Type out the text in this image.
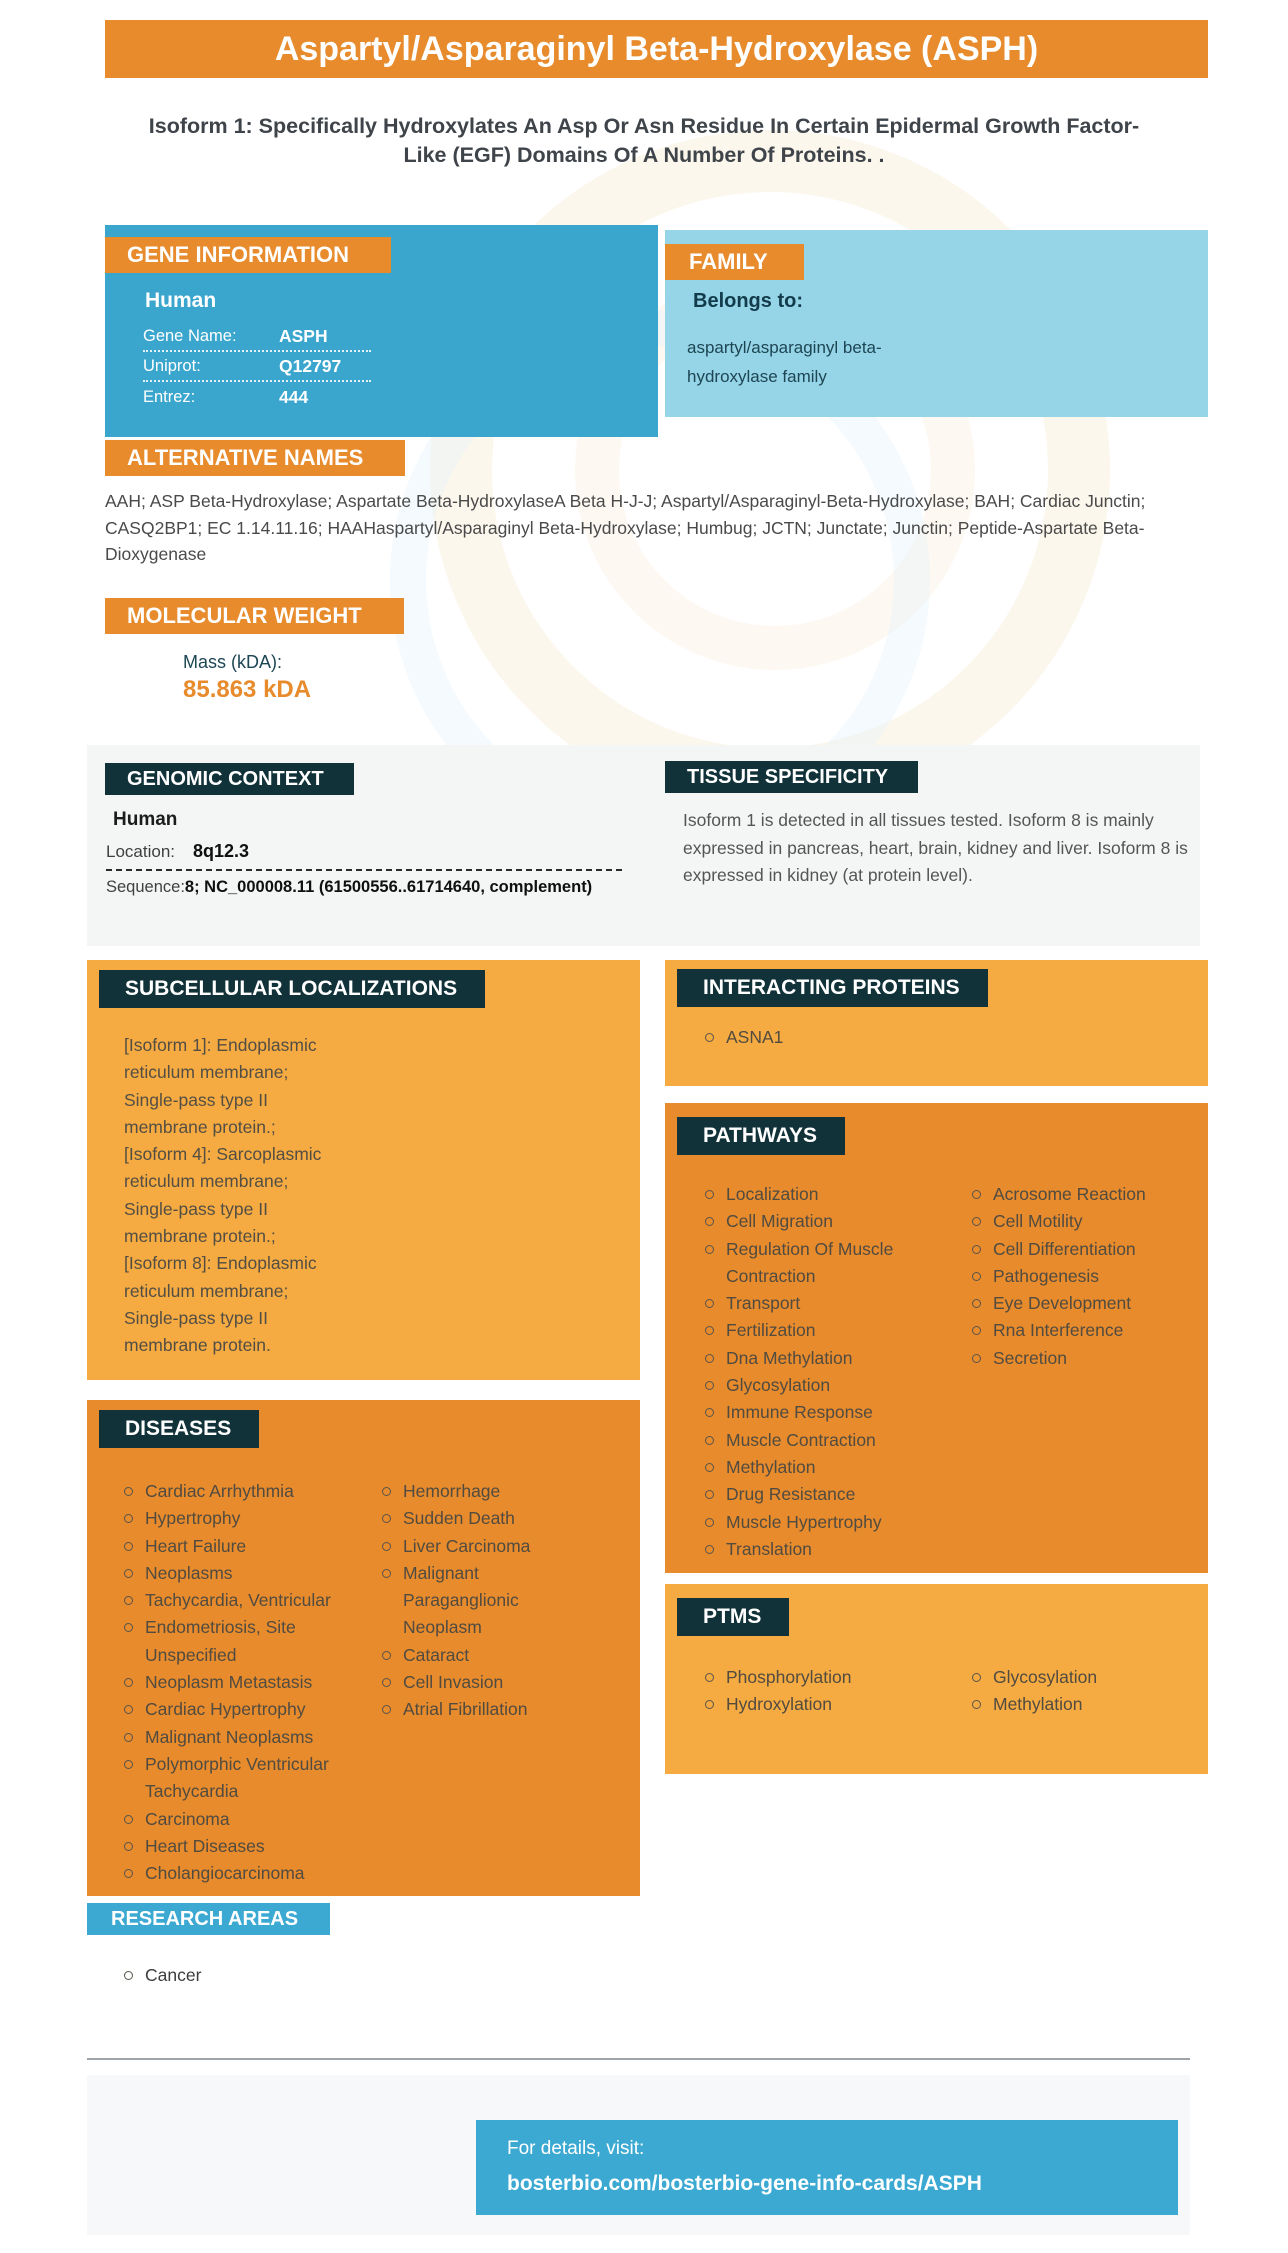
Aspartyl/Asparaginyl Beta-Hydroxylase (ASPH)
Isoform 1: Specifically Hydroxylates An Asp Or Asn Residue In Certain Epidermal Growth Factor-Like (EGF) Domains Of A Number Of Proteins. .
GENE INFORMATION
Human
Gene Name:	ASPH
Uniprot:	Q12797
Entrez:	444
FAMILY
Belongs to:
aspartyl/asparaginyl beta-hydroxylase family
ALTERNATIVE NAMES
AAH; ASP Beta-Hydroxylase; Aspartate Beta-HydroxylaseA Beta H-J-J; Aspartyl/Asparaginyl-Beta-Hydroxylase; BAH; Cardiac Junctin; CASQ2BP1; EC 1.14.11.16; HAAHaspartyl/Asparaginyl Beta-Hydroxylase; Humbug; JCTN; Junctate; Junctin; Peptide-Aspartate Beta-Dioxygenase
MOLECULAR WEIGHT
Mass (kDA):
85.863 kDA
GENOMIC CONTEXT
Human
Location: 8q12.3
Sequence:8; NC_000008.11 (61500556..61714640, complement)
TISSUE SPECIFICITY
Isoform 1 is detected in all tissues tested. Isoform 8 is mainly expressed in pancreas, heart, brain, kidney and liver. Isoform 8 is expressed in kidney (at protein level).
SUBCELLULAR LOCALIZATIONS
[Isoform 1]: Endoplasmic reticulum membrane; Single-pass type II membrane protein.; [Isoform 4]: Sarcoplasmic reticulum membrane; Single-pass type II membrane protein.; [Isoform 8]: Endoplasmic reticulum membrane; Single-pass type II membrane protein.
INTERACTING PROTEINS
ASNA1
PATHWAYS
Localization
Cell Migration
Regulation Of Muscle Contraction
Transport
Fertilization
Dna Methylation
Glycosylation
Immune Response
Muscle Contraction
Methylation
Drug Resistance
Muscle Hypertrophy
Translation
Acrosome Reaction
Cell Motility
Cell Differentiation
Pathogenesis
Eye Development
Rna Interference
Secretion
DISEASES
Cardiac Arrhythmia
Hypertrophy
Heart Failure
Neoplasms
Tachycardia, Ventricular
Endometriosis, Site Unspecified
Neoplasm Metastasis
Cardiac Hypertrophy
Malignant Neoplasms
Polymorphic Ventricular Tachycardia
Carcinoma
Heart Diseases
Cholangiocarcinoma
Hemorrhage
Sudden Death
Liver Carcinoma
Malignant Paraganglionic Neoplasm
Cataract
Cell Invasion
Atrial Fibrillation
PTMS
Phosphorylation
Hydroxylation
Glycosylation
Methylation
RESEARCH AREAS
Cancer
For details, visit:
bosterbio.com/bosterbio-gene-info-cards/ASPH
